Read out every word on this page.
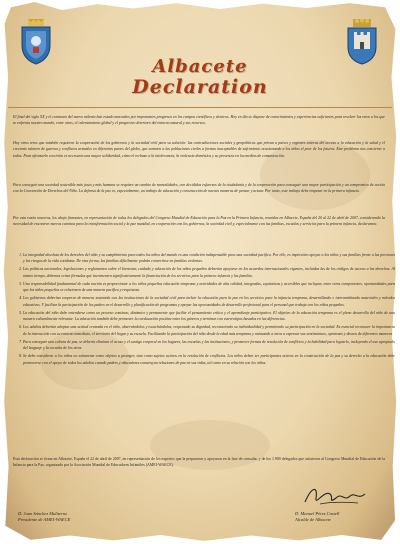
Albacete
Declaration

El final del siglo XX y el comienzo del nuevo milenio han estado marcados por importantes progresos en los campos científicos y técnicos. Hoy en día se dispone de conocimientos y experiencias suficientes para resolver los retos a los que se enfrenta nuestro mundo, entre otros, el calentamiento global y el progresivo deterioro del entorno natural y sus recursos.

Hay otros retos que también requieren la cooperación de los gobiernos y la sociedad civil para su solución: las contradicciones sociales y geopolíticas que privan a países y regiones enteras del acceso a la educación y la salud y el creciente número de guerras y conflictos armados en diferentes partes del globo, que someten a las poblaciones civiles a formas inaceptables de sufrimiento ocasionando a los niños el peor de los futuros. Este problema nos concierne a todos. Para afrontarlo con éxito es necesaria una mayor solidaridad, cómo el rechazo a la intolerancia, la violencia doméstica y su presencia en los medios de comunicación.

Para conseguir una sociedad sostenible más justa y más humana se requiere un cambio de mentalidades, con decididos esfuerzos de la ciudadanía y de la cooperación para conseguir una mayor participación y un compromiso de acción con la Convención de Derechos del Niño. La defensa de la paz es, especialmente, un trabajo de educación y construcción de nuevas maneras de pensar y actuar. Por tanto, este trabajo debe empezar en la primera infancia.

Por esta razón nosotros, los abajo firmantes, en representación de todos los delegados del Congreso Mundial de Educación para la Paz en la Primera Infancia, reunidos en Albacete, España del 20 al 22 de abril de 2007, considerando la necesidad de encontrar nuevos caminos para la transformación social y la paz mundial, en cooperación con los gobiernos, la sociedad civil y, especialmente con las familias, escuelas y servicios para la primera infancia, declaramos:

1. La integridad absoluta de los derechos del niño y su cumplimiento para todos los niños del mundo es una condición indispensable para una sociedad pacífica. Por ello, es imperativo apoyar a los niños y sus familias frente a las presiones y los riesgos de la vida cotidiana. De otra forma, las familias difícilmente podrán convertirse en familias violentas.
2. Las políticas nacionales, legislaciones y reglamentos sobre el bienestar, cuidado y educación de los niños pequeños deberían apoyarse en los acuerdos internacionales vigentes, incluidas las de los códigos de acceso a los derechos. Al mismo tiempo, debemos evitar fórmulas que incrementen significativamente la financiación de los servicios para la primera infancia y las familias.
3. Una responsabilidad fundamental de cada nación es proporcionar a los niños pequeños educación temprana y actividades de alta calidad, integradas, equitativas y accesibles que incluyan, entre otros componentes, oportunidades para que los niños pequeños se relacionen de una manera pacífica y respetuosa.
4. Los gobiernos deberían cooperar de manera sostenida con las instituciones de la sociedad civil para incluir la educación para la paz en los servicios para la infancia temprana, desarrollando e intercambiando materiales y métodos educativos. Y facilitar la participación de los padres en el desarrollo y planificación de programas y apoyar las oportunidades de desarrollo profesional para el personal que trabaja con los niños pequeños.
5. La educación del niño debe entenderse como un proceso continuo, dinámico y permanente que facilite el pensamiento crítico y el aprendizaje participativo. El objetivo de la educación temprana es el pleno desarrollo del niño de una manera culturalmente relevante. La educación también debe promover la coeducación positiva entre los géneros y terminar con estereotipos basados en las diferencias.
6. Los adultos deberían adoptar una actitud centrada en el niño, observándolos y escuchándolos, respetando su dignidad, reconociendo su individualidad y permitiendo su participación en la sociedad. Es esencial reconocer la importancia de la interacción con su entorno inmediato, el territorio del hogar y su escuela. Facilitando la participación del niño desde la edad más temprana y animando a otros a expresar sus sentimientos, opiniones y deseos de diferentes maneras.
7. Para conseguir una cultura de paz, se debería eliminar el acoso y el castigo corporal en los hogares, las escuelas y las instituciones, y promover formas de resolución de conflictos y la habilidad para lograrlo, incluyendo el uso apropiado del lenguaje y la escucha de los otros.
8. Se debe considerar a los niños no solamente como objetos a proteger, sino como sujetos activos en la resolución de conflictos. Los niños deben ser participantes activos en la construcción de la paz y su derecho a la educación debe promoverse con el apoyo de todos los adultos cuando padres y educadores construyan relaciones de paz en sus vidas, tal como en su relación con los niños.

Esta declaración se firma en Albacete, España el 22 de abril de 2007, en representación de los expertos que la prepararon y apoyaron en la fase de consulta, y de los 1.900 delegados que asistieron al Congreso Mundial de Educación de la Infancia para la Paz, organizado por la Asociación Mundial de Educadores Infantiles (AMEI-WAECE).

D. Juan Sánchez Muliterno
Presidente de AMEI-WAECE
D. Manuel Pérez Castell
Alcalde de Albacete
